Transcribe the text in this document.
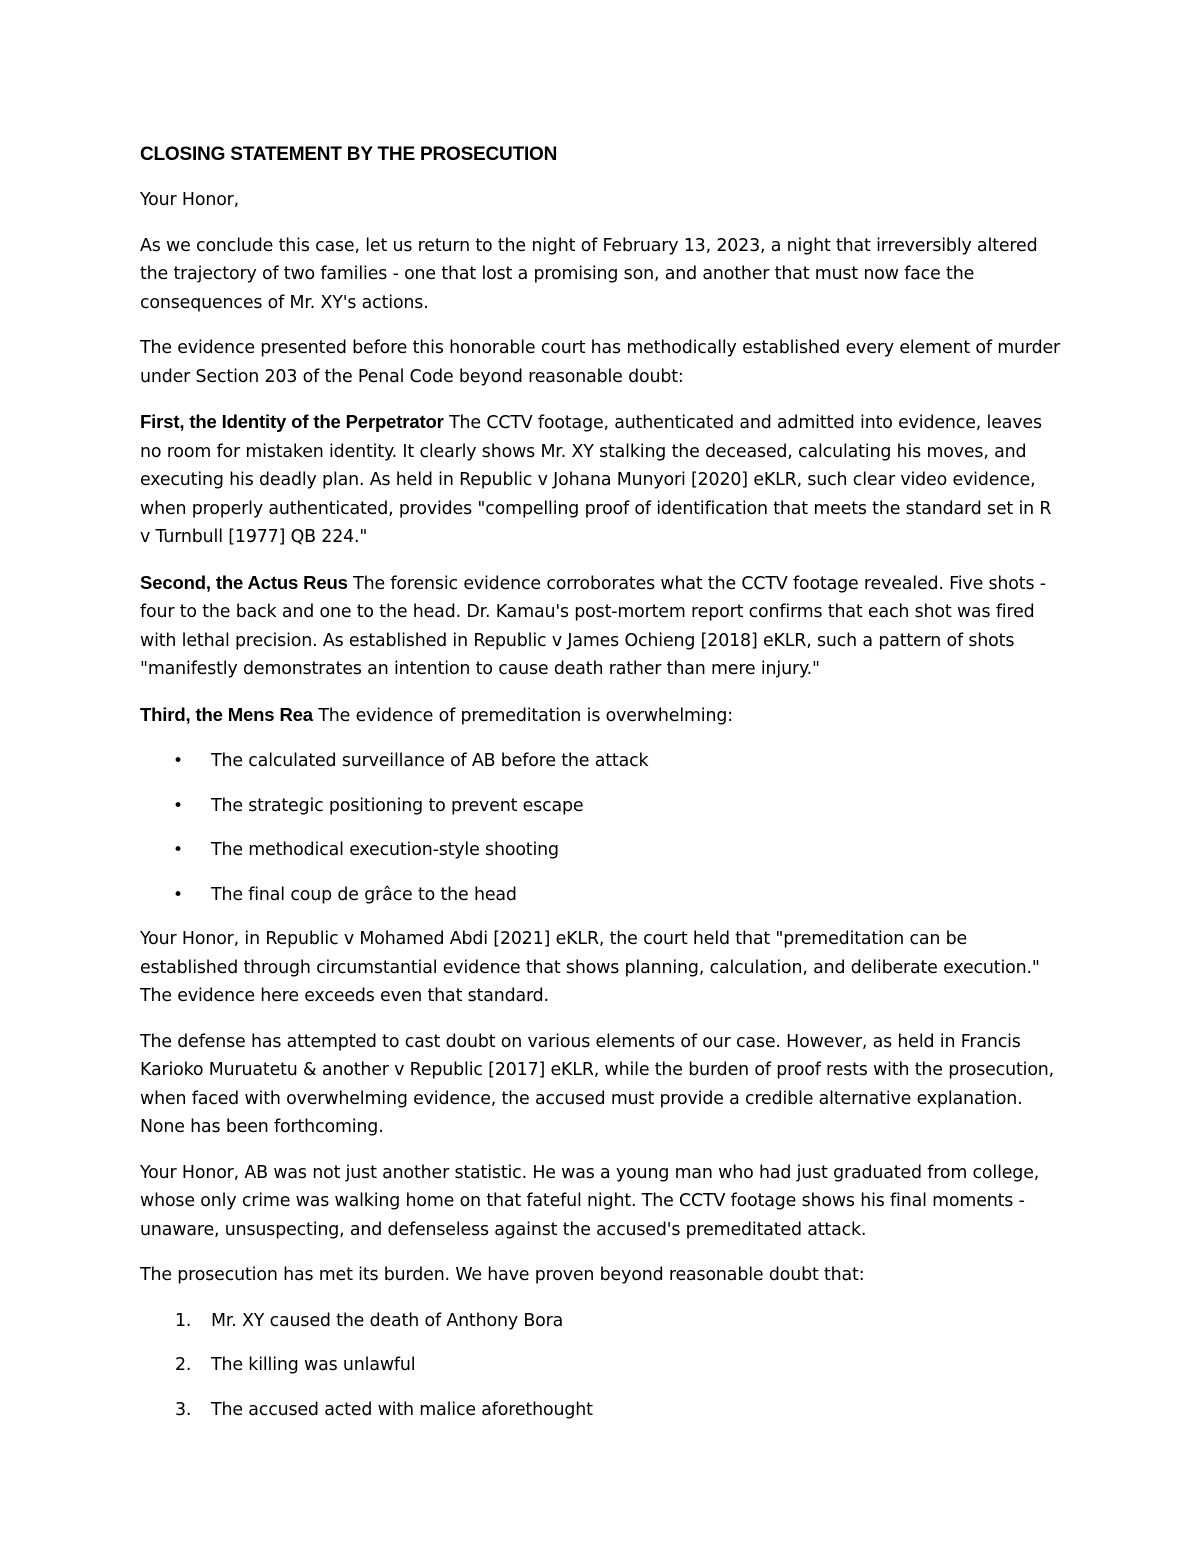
CLOSING STATEMENT BY THE PROSECUTION

Your Honor,

As we conclude this case, let us return to the night of February 13, 2023, a night that irreversibly altered the trajectory of two families - one that lost a promising son, and another that must now face the consequences of Mr. XY's actions.

The evidence presented before this honorable court has methodically established every element of murder under Section 203 of the Penal Code beyond reasonable doubt:

First, the Identity of the Perpetrator The CCTV footage, authenticated and admitted into evidence, leaves no room for mistaken identity. It clearly shows Mr. XY stalking the deceased, calculating his moves, and executing his deadly plan. As held in Republic v Johana Munyori [2020] eKLR, such clear video evidence, when properly authenticated, provides "compelling proof of identification that meets the standard set in R v Turnbull [1977] QB 224."

Second, the Actus Reus The forensic evidence corroborates what the CCTV footage revealed. Five shots - four to the back and one to the head. Dr. Kamau's post-mortem report confirms that each shot was fired with lethal precision. As established in Republic v James Ochieng [2018] eKLR, such a pattern of shots "manifestly demonstrates an intention to cause death rather than mere injury."

Third, the Mens Rea The evidence of premeditation is overwhelming:

• The calculated surveillance of AB before the attack
• The strategic positioning to prevent escape
• The methodical execution-style shooting
• The final coup de grâce to the head

Your Honor, in Republic v Mohamed Abdi [2021] eKLR, the court held that "premeditation can be established through circumstantial evidence that shows planning, calculation, and deliberate execution." The evidence here exceeds even that standard.

The defense has attempted to cast doubt on various elements of our case. However, as held in Francis Karioko Muruatetu & another v Republic [2017] eKLR, while the burden of proof rests with the prosecution, when faced with overwhelming evidence, the accused must provide a credible alternative explanation. None has been forthcoming.

Your Honor, AB was not just another statistic. He was a young man who had just graduated from college, whose only crime was walking home on that fateful night. The CCTV footage shows his final moments - unaware, unsuspecting, and defenseless against the accused's premeditated attack.

The prosecution has met its burden. We have proven beyond reasonable doubt that:

1. Mr. XY caused the death of Anthony Bora
2. The killing was unlawful
3. The accused acted with malice aforethought
